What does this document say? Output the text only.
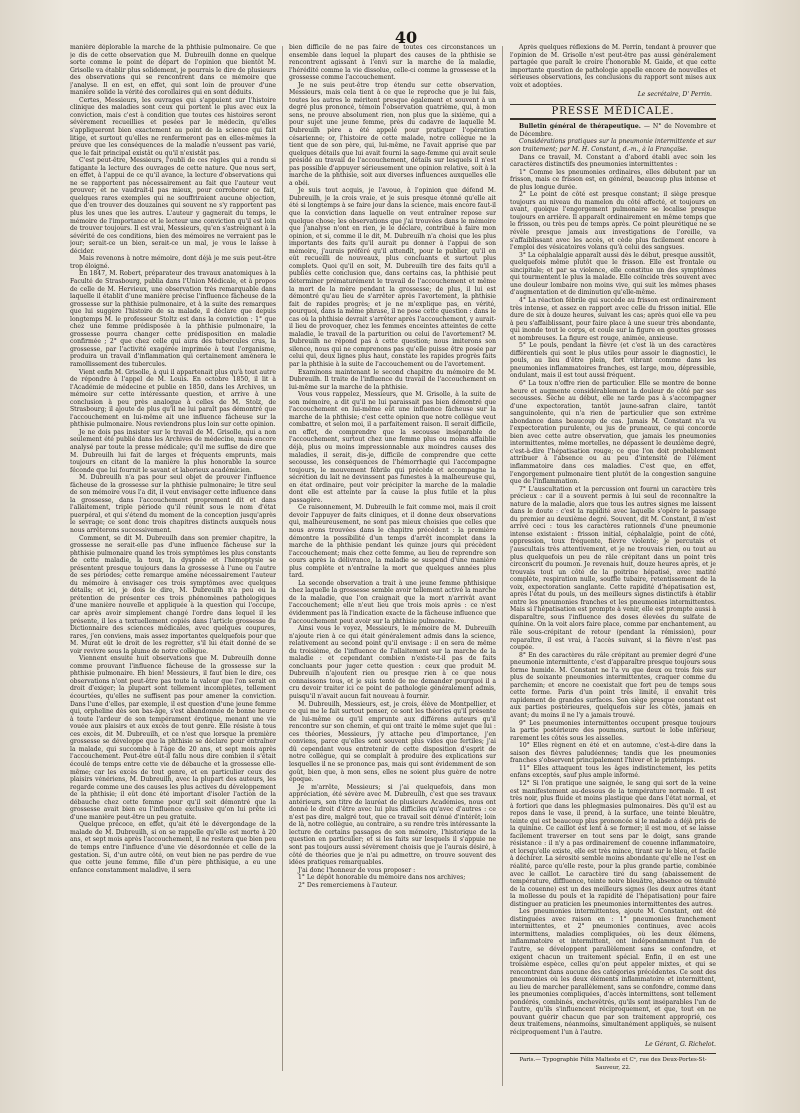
40

manière déplorable la marche de la phthisie pulmonaire. Ce que je dis de cette observation que M. Dubreuilh donne en quelque sorte comme le point de départ de l'opinion que bientôt M. Grisolle va établir plus solidement, je pourrais le dire de plusieurs des observations qui se rencontrent dans ce mémoire que j'analyse. Il en est, en effet, qui sont loin de prouver d'une manière solide la vérité des corollaires qui en sont déduits.

Certes, Messieurs, les ouvrages qui s'appuient sur l'histoire clinique des maladies sont ceux qui portent le plus avec eux la conviction, mais c'est à condition que toutes ces histoires seront sévèrement recueillies et pesées par le médecin, qu'elles s'appliqueront bien exactement au point de la science qui fait litige, et surtout qu'elles ne renfermeront pas en elles-mêmes la preuve que les conséquences de la maladie n'eussent pas varié, que le fait principal existât ou qu'il n'existât pas.

C'est peut-être, Messieurs, l'oubli de ces règles qui a rendu si fatigante la lecture des ouvrages de cette nature. Que nous sert, en effet, à l'appui de ce qu'il avance, la lecture d'observations qui ne se rapportent pas nécessairement au fait que l'auteur veut prouver; et ne vaudrait-il pas mieux, pour corroborer ce fait, quelques rares exemples qui ne souffriraient aucune objection, que d'en trouver des douzaines qui souvent ne s'y rapportent pas plus les unes que les autres. L'auteur y gagnerait du temps, le mémoire de l'importance et le lecteur une conviction qu'il est loin de trouver toujours. Il est vrai, Messieurs, qu'en s'astreignant à la sévérité de ces conditions, bien des mémoires ne verraient pas le jour; serait-ce un bien, serait-ce un mal, je vous le laisse à décider.

Mais revenons à notre mémoire, dont déjà je me suis peut-être trop éloigné.

En 1847, M. Robert, préparateur des travaux anatomiques à la Faculté de Strasbourg, publia dans l'Union Médicale, et à propos de celle de M. Hervieux, une observation très remarquable dans laquelle il établit d'une manière précise l'influence fâcheuse de la grossesse sur la phthisie pulmonaire, et à la suite des remarques que lui suggère l'histoire de sa malade, il déclare que depuis longtemps M. le professeur Stoltz est dans la conviction : 1° que chez une femme prédisposée à la phthisie pulmonaire, la grossesse pourra changer cette prédisposition en maladie confirmée ; 2° que chez celle qui aura des tubercules crus, la grossesse, par l'activité exagérée imprimée à tout l'organisme, produira un travail d'inflammation qui certainement amènera le ramollissement des tubercules.

Vient enfin M. Grisolle, à qui il appartenait plus qu'à tout autre de répondre à l'appel de M. Louis. En octobre 1850, il lit à l'Académie de médecine et publie en 1850, dans les Archives, un mémoire sur cette intéressante question, et arrive à une conclusion à peu près analogue à celles de M. Stolz, de Strasbourg; il ajoute de plus qu'il ne lui paraît pas démontré que l'accouchement en lui-même ait une influence fâcheuse sur la phthisie pulmonaire. Nous reviendrons plus loin sur cette opinion.

Je ne dois pas insister sur le travail de M. Grisolle, qui a non seulement été publié dans les Archives de médecine, mais encore analysé par toute la presse médicale; qu'il me suffise de dire que M. Dubreuilh lui fait de larges et fréquents emprunts, mais toujours en citant de la manière la plus honorable la source féconde que lui fournit le savant et laborieux académicien.

M. Dubreuilh n'a pas pour seul objet de prouver l'influence fâcheuse de la grossesse sur la phthisie pulmonaire; le titre seul de son mémoire vous l'a dit, il veut envisager cette influence dans la grossesse, dans l'accouchement proprement dit et dans l'allaitement, triple période qu'il réunit sous le nom d'état puerpéral, et qui s'étend du moment de la conception jusqu'après le sevrage; ce sont donc trois chapitres distincts auxquels nous nous arrêterons successivement.

Comment, se dit M. Dubreuilh dans son premier chapitre, la grossesse ne serait-elle pas d'une influence fâcheuse sur la phthisie pulmonaire quand les trois symptômes les plus constants de cette maladie, la toux, la dyspnée et l'hémoptysie se présentent presque toujours dans la grossesse à l'une ou l'autre de ses périodes; cette remarque amène nécessairement l'auteur du mémoire à envisager ces trois symptômes avec quelques détails; et ici, je dois le dire, M. Dubreuilh n'a peu eu la prétention de présenter ces trois phénomènes pathologiques d'une manière nouvelle et appliquée à la question qui l'occupe, car après avoir simplement changé l'ordre dans lequel il les présente, il les a textuellement copiés dans l'article grossesse du Dictionnaire des sciences médicales, avec quelques coupures, rares, j'en conviens, mais assez importantes quelquefois pour que M. Murat eût le droit de les regretter, s'il lui était donné de se voir revivre sous la plume de notre collègue.

Viennent ensuite huit observations que M. Dubreuilh donne comme prouvant l'influence fâcheuse de la grossesse sur la phthisie pulmonaire. Eh bien! Messieurs, il faut bien le dire, ces observations n'ont peut-être pas toute la valeur que l'on serait en droit d'exiger; la plupart sont tellement incomplètes, tellement écourtées, qu'elles ne suffisent pas pour amener la conviction. Dans l'une d'elles, par exemple, il est question d'une jeune femme qui, orpheline dès son bas-âge, s'est abandonnée de bonne heure à toute l'ardeur de son tempérament érotique, menant une vie vouée aux plaisirs et aux excès de tout genre. Elle résiste à tous ces excès, dit M. Dubreuilh, et ce n'est que lorsque la première grossesse se développe que la phthisie se déclare pour entraîner la malade, qui succombe à l'âge de 20 ans, et sept mois après l'accouchement. Peut-être eût-il fallu nous dire combien il s'était écoulé de temps entre cette vie de débauche et la grossesse elle-même; car les excès de tout genre, et en particulier ceux des plaisirs vénériens, M. Dubreuilh, avec la plupart des auteurs, les regarde comme une des causes les plus actives du développement de la phthisie; il eût donc été important d'isoler l'action de la débauche chez cette femme pour qu'il soit démontré que la grossesse avait bien eu l'influence exclusive qu'on lui prête ici d'une manière peut-être un peu gratuite.

Quelque précoce, en effet, qu'ait été le dévergondage de la malade de M. Dubreuilh, si on se rappelle qu'elle est morte à 20 ans, et sept mois après l'accouchement, il ne restera que bien peu de temps entre l'influence d'une vie désordonnée et celle de la gestation. Si, d'un autre côté, on veut bien ne pas perdre de vue que cette jeune femme, fille d'un père phthisique, a eu une enfance constamment maladive, il sera

bien difficile de ne pas faire de toutes ces circonstances un ensemble dans lequel la plupart des causes de la phthisie se rencontrent agissant à l'envi sur la marche de la maladie, l'hérédité comme la vie dissolue, celle-ci comme la grossesse et la grossesse comme l'accouchement.

Je ne suis peut-être trop étendu sur cette observation, Messieurs, mais cela tient à ce que le reproche que je lui fais, toutes les autres le méritent presque également et souvent à un degré plus prononcé, témoin l'observation quatrième, qui, à mon sens, ne prouve absolument rien, non plus que la sixième, qui a pour sujet une jeune femme, près du cadavre de laquelle M. Dubreuilh père a été appelé pour pratiquer l'opération césarienne; or, l'histoire de cette malade, notre collègue ne la tient que de son père, qui, lui-même, ne l'avait apprise que par quelques détails que lui avait fourni la sage-femme qui avait seule présidé au travail de l'accouchement, détails sur lesquels il n'est pas possible d'appuyer sérieusement une opinion relative, soit à la marche de la phthisie, soit aux diverses influences auxquelles elle a obéi.

Je suis tout acquis, je l'avoue, à l'opinion que défend M. Dubreuilh, je la crois vraie, et je suis presque étonné qu'elle ait été si longtemps à se faire jour dans la science, mais encore faut-il que la conviction dans laquelle on veut entraîner repose sur quelque chose; les observations que j'ai trouvées dans le mémoire que j'analyse n'ont en rien, je le déclare, contribué à faire mon opinion, et si, comme il le dit, M. Dubreuilh n'a choisi que les plus importants des faits qu'il aurait pu donner à l'appui de son mémoire, j'aurais préféré qu'il attendît, pour le publier, qu'il en eût recueilli de nouveaux, plus concluants et surtout plus complets. Quoi qu'il en soit, M. Dubreuilh tire des faits qu'il a publiés cette conclusion que, dans certains cas, la phthisie peut déterminer prématurément le travail de l'accouchement et même la mort de la mère pendant la grossesse; de plus, il lui est démontré qu'au lieu de s'arrêter après l'avortement, la phthisie fait de rapides progrès; et je ne m'explique pas, en vérité, pourquoi, dans la même phrase, il ne pose cette question : dans le cas où la phthisie devrait s'arrêter après l'accouchement, y aurait-il lieu de provoquer, chez les femmes enceintes atteintes de cette maladie, le travail de la parturition ou celui de l'avortement? M. Dubreuilh ne répond pas à cette question; nous imiterons son silence, nous qui ne comprenons pas qu'elle puisse être posée par celui qui, deux lignes plus haut, constate les rapides progrès faits par la phthisie à la suite de l'accouchement ou de l'avortement.

Examinons maintenant le second chapitre du mémoire de M. Dubreuilh. Il traite de l'influence du travail de l'accouchement en lui-même sur la marche de la phthisie.

Vous vous rappelez, Messieurs, que M. Grisolle, à la suite de son mémoire, a dit qu'il ne lui paraissait pas bien démontré que l'accouchement en lui-même eût une influence fâcheuse sur la marche de la phthisie; c'est cette opinion que notre collègue veut combattre, et selon moi, il a parfaitement raison. Il serait difficile, en effet, de comprendre que la secousse inséparable de l'accouchement, surtout chez une femme plus ou moins affaiblie déjà, plus ou moins impressionnable aux moindres causes des maladies, il serait, dis-je, difficile de comprendre que cette secousse, les conséquences de l'hémorrhagie qui l'accompagne toujours, le mouvement fébrile qui précède et accompagne la sécrétion du lait ne devinssent pas funestes à la malheureuse qui, en état ordinaire, peut voir précipiter la marche de la maladie dont elle est atteinte par la cause la plus futile et la plus passagère.

Ce raisonnement, M. Dubreuilh le fait comme moi, mais il croit devoir l'appuyer de faits cliniques, et il donne deux observations qui, malheureusement, ne sont pas mieux choisies que celles que nous avons trouvées dans le chapitre précédent : la première démontre la possibilité d'un temps d'arrêt incomplet dans la marche de la phthisie pendant les quinze jours qui précèdent l'accouchement; mais chez cette femme, au lieu de reprendre son cours après la délivrance, la maladie se suspend d'une manière plus complète et n'entraîne la mort que quelques années plus tard.

La seconde observation a trait à une jeune femme phthisique chez laquelle la grossesse semble avoir tellement activé la marche de la maladie, que l'on craignait que la mort n'arrivât avant l'accouchement; elle n'eut lieu que trois mois après : ce n'est évidemment pas là l'indication exacte de la fâcheuse influence que l'accouchement peut avoir sur la phthisie pulmonaire.

Ainsi vous le voyez, Messieurs, le mémoire de M. Dubreuilh n'ajoute rien à ce qui était généralement admis dans la science, relativement au second point qu'il envisage : il en sera de même du troisième, de l'influence de l'allaitement sur la marche de la maladie : et cependant combien n'existe-t-il pas de faits concluants pour juger cette question : ceux que produit M. Dubreuilh n'ajoutent rien ou presque rien à ce que nous connaissons tous, et je suis tenté de me demander pourquoi il a cru devoir traiter ici ce point de pathologie généralement admis, puisqu'il n'avait aucun fait nouveau à fournir.

M. Dubreuilh, Messieurs, est, je crois, élève de Montpellier, et ce qui me le fait surtout penser, ce sont les théories qu'il présente de lui-même ou qu'il emprunte aux différens auteurs qu'il rencontre sur son chemin, et qui ont traité le même sujet que lui : ces théories, Messieurs, j'y attache peu d'importance, j'en conviens, parce qu'elles sont souvent plus vides que fertiles; j'ai dû cependant vous entretenir de cette disposition d'esprit de notre collègue, qui se complaît à produire des explications sur lesquelles il ne se prononce pas, mais qui sont évidemment de son goût, bien que, à mon sens, elles ne soient plus guère de notre époque.

Je m'arrête, Messieurs; si j'ai quelquefois, dans mon appréciation, été sévère avec M. Dubreuilh, c'est que ses travaux antérieurs, son titre de lauréat de plusieurs Académies, nous ont donné le droit d'être avec lui plus difficiles qu'avec d'autres : ce n'est pas dire, malgré tout, que ce travail soit dénué d'intérêt; loin de là, notre collègue, au contraire, a su rendre très intéressante la lecture de certains passages de son mémoire, l'historique de la question en particulier; et si les faits sur lesquels il s'appuie ne sont pas toujours aussi sévèrement choisis que je l'aurais désiré, à côté de théories que je n'ai pu admettre, on trouve souvent des idées pratiques remarquables.

J'ai donc l'honneur de vous proposer :

1° Le dépôt honorable du mémoire dans nos archives;

2° Des remerciemens à l'auteur.

Après quelques réflexions de M. Perrin, tendant à prouver que l'opinion de M. Grisolle n'est peut-être pas aussi généralement partagée que paraît le croire l'honorable M. Gaide, et que cette importante question de pathologie appelle encore de nouvelles et sérieuses observations, les conclusions du rapport sont mises aux voix et adoptées.

Le secrétaire, D' Perrin.
PRESSE MÉDICALE.

Bulletin général de thérapeutique. — N° de Novembre et de Décembre.

Considérations pratiques sur la pneumonie intermittente et sur son traitement; par M. H. Constant, d.-m., à la Françaïse.

Dans ce travail, M. Constant a d'abord établi avec soin les caractères distinctifs des pneumonies intermittentes :

1° Comme les pneumonies ordinaires, elles débutent par un frisson, mais ce frisson est, en général, beaucoup plus intense et de plus longue durée.

2° Le point de côté est presque constant; il siège presque toujours au niveau du mamelon du côté affecté, et toujours en avant, quoique l'engorgement pulmonaire se localise presque toujours en arrière. Il apparaît ordinairement en même temps que le frisson, ou très peu de temps après. Ce point pleurétique ne se révèle presque jamais aux investigations de l'oreille, va s'affaiblissant avec les accès, et cède plus facilement encore à l'emploi des vésicatoires volans qu'à celui des sangsues.

3° La céphalalgie apparaît aussi dès le début, presque aussitôt, quelquefois même plutôt que le frisson. Elle est frontale ou sincipitale; et par sa violence, elle constitue un des symptômes qui tourmentent le plus la malade. Elle coïncide très souvent avec une douleur lombaire non moins vive, qui suit les mêmes phases d'augmentation et de diminution qu'elle-même.

4° La réaction fébrile qui succède au frisson est ordinairement très intense, et assez en rapport avec celle du frisson initial. Elle dure de six à douze heures, suivant les cas; après quoi elle va peu à peu s'affaiblissant, pour faire place à une sueur très abondante, qui inonde tout le corps, et coule sur la figure en gouttes grosses et nombreuses. La figure est rouge, animée, anxieuse.

5° Le pouls, pendant la fièvre (et c'est là un des caractères différentiels qui sont le plus utiles pour assoir le diagnostic), le pouls, au lieu d'être plein, fort vibrant comme dans les pneumonies inflammatoires franches, est large, mou, dépressible, ondulant, mais il est tout aussi fréquent.

6° La toux n'offre rien de particulier. Elle se montre de bonne heure et augmente considérablement la douleur de côté par ses secousses. Sèche au début, elle ne tarde pas à s'accompagner d'une expectoration, tantôt jaune-safran claire, tantôt sanguinolente, qui n'a rien de particulier que son extrême abondance dans beaucoup de cas. Jamais M. Constant n'a vu l'expectoration purulente, ou jus de pruneaux, ce qui concorde bien avec cette autre observation, que jamais les pneumonies intermittentes, même mortelles, ne dépassent le deuxième degré, c'est-à-dire l'hépatisation rouge; ce que l'on doit probablement attribuer à l'absence ou au peu d'intensité de l'élément inflammatoire dans ces maladies. C'est que, en effet, l'engorgement pulmonaire tient plutôt de la congestion sanguine que de l'inflammation.

7° L'auscultation et la percussion ont fourni un caractère très précieux : car il a souvent permis à lui seul de reconnaître la nature de la maladie, alors que tous les autres signes me laissent dans le doute : c'est la rapidité avec laquelle s'opère le passage du premier au deuxième degré. Souvent, dit M. Constant, il m'est arrivé ceci : tous les caractères rationnels d'une pneumonie intense existaient : frisson initial, céphalalgie, point de côté, oppression, toux fréquente, fièvre violente; je percutais et j'auscultais très attentivement, et je ne trouvais rien, ou tout au plus quelquefois un peu de râle crépitant dans un point très circonscrit du poumon. Je revenais huit, douze heures après, et je trouvais tout un côté de la poitrine hépatisé, avec matité complète, respiration nulle, souffle tubaire, retentissement de la voix, expectoration sanglante. Cette rapidité d'hépatisation est, après l'état du pouls, un des meilleurs signes distinctifs à établir entre les pneumonies franches et les pneumonies intermittentes. Mais si l'hépatisation est prompte à venir, elle est prompte aussi à disparaître, sous l'influence des doses élevées du sulfate de quinine. On la voit alors faire place, comme par enchantement, au râle sous-crépitant de retour (pendant la rémission), pour reparaître, il est vrai, à l'accès suivant, si la fièvre n'est pas coupée.

8° En des caractères du râle crépitant au premier degré d'une pneumonie intermittente, c'est d'apparaître presque toujours sous forme humide. M. Constant ne l'a vu que deux ou trois fois sur plus de soixante pneumonies intermittentes, craquer comme du parchemin; et encore ne coexistait que fort peu de temps sous cette forme. Paris d'un point très limité, il envahit très rapidement de grandes surfaces. Son siège presque constant est aux parties postérieures, quelquefois sur les côtés, jamais en avant; du moins il ne l'y a jamais trouvé.

9° Les pneumonies intermittentes occupent presque toujours la partie postérieure des poumons, surtout le lobe inférieur, rarement les côtés sous les aisselles.

10° Elles règnent en été et en automne, c'est-à-dire dans la saison des fièvres paludéennes; tandis que les pneumonies franches s'observent principalement l'hiver et le printemps.

11° Elles attaquent tous les âges indistinctement, les petits enfans exceptés, sauf plus ample informé.

12° Si l'on pratique une saignée, le sang qui sort de la veine est manifestement au-dessous de la température normale. Il est très noir, plus fluide et moins plastique que dans l'état normal, et à fortiori que dans les phlegmasies pulmonaires. Dès qu'il est au repos dans le vase, il prend, à la surface, une teinte bleuâtre, teinte qui est beaucoup plus prononcée si le malade a déjà pris de la quinine. Ce caillot est lent à se former; il est mou, et se laisse facilement traverser en tout sens par le doigt, sans grande résistance : il n'y a pas ordinairement de couenne inflammatoire, et lorsqu'elle existe, elle est très mince, tirant sur le bleu, et facile à déchirer. La sérosité semble moins abondante qu'elle ne l'est en réalité, parce qu'elle reste, pour la plus grande partie, combinée avec le caillot. Le caractère tiré du sang (abaissement de température, diffluence, teinte noire bleuâtre, absence ou ténuité de la couenne) est un des meilleurs signes (les deux autres étant la mollesse du pouls et la rapidité de l'hépatisation) pour faire distinguer au praticien les pneumonies intermittentes des autres.

Les pneumonies intermittentes, ajoute M. Constant, ont été distinguées avec raison en : 1° pneumonies franchement intermittentes, et 2° pneumonies continues, avec accès intermittens, maladies compliquées, où les deux élémens, inflammatoire et intermittent, ont indépendamment l'un de l'autre, se développent parallèlement sans se confondre, et exigent chacun un traitement spécial. Enfin, il en est une troisième espèce, celles qu'on peut appeler mixtes, et qui se rencontrent dans aucune des catégories précédentes. Ce sont des pneumonies où les deux éléments inflammatoire et intermittent, au lieu de marcher parallèlement, sans se confondre, comme dans les pneumonies compliquées, d'accès intermittens, sont tellement pondérés, combinés, enchevêtrés, qu'ils sont inséparables l'un de l'autre, qu'ils s'influencent réciproquement, et que, tout en ne pouvant guérir chacun que par son traitement approprié, ces deux traitemens, néanmoins, simultanément appliqués, se nuisent réciproquement l'un à l'autre.

Le Gérant, G. Richelot.
Paris.— Typographie Félix Malteste et Cᵉ, rue des Deux-Portes-St-Sauveur, 22.
